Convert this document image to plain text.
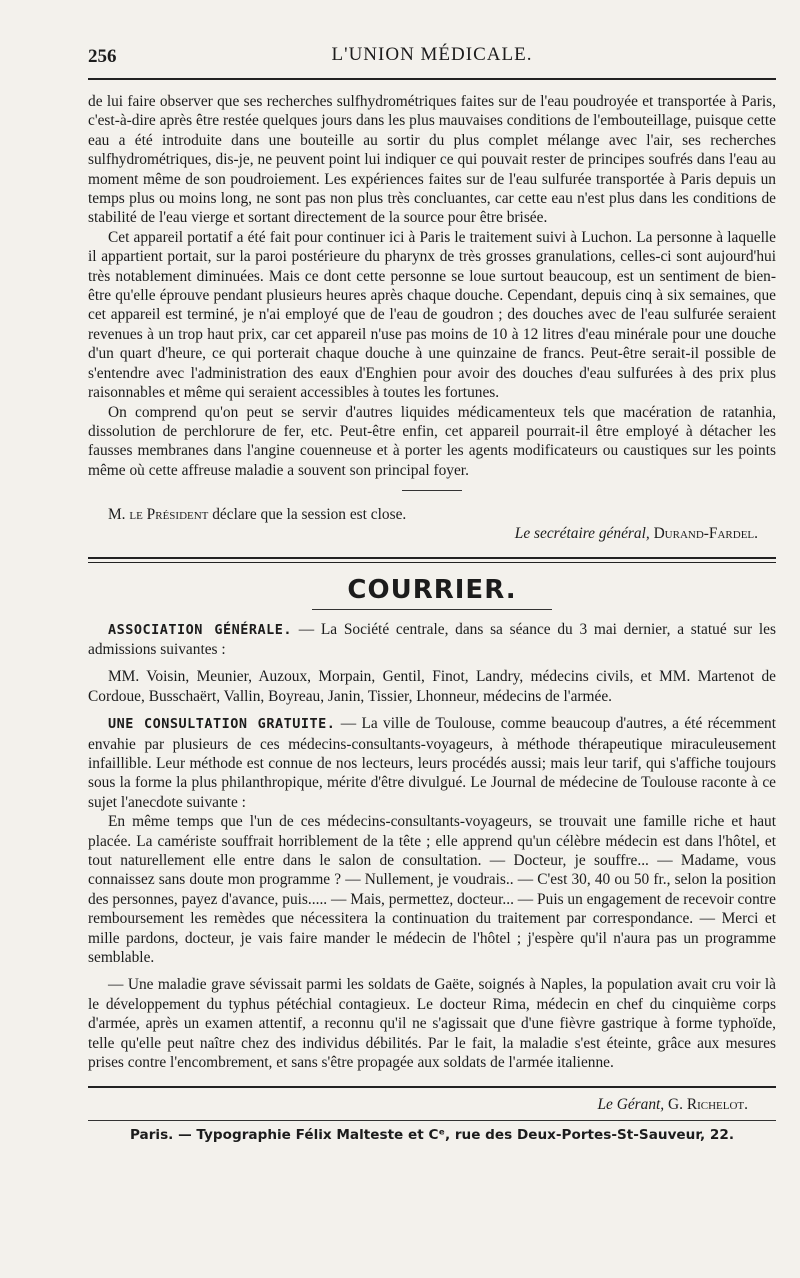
256	L'UNION MÉDICALE.

de lui faire observer que ses recherches sulfhydrométriques faites sur de l'eau poudroyée et transportée à Paris, c'est-à-dire après être restée quelques jours dans les plus mauvaises conditions de l'embouteillage, puisque cette eau a été introduite dans une bouteille au sortir du plus complet mélange avec l'air, ses recherches sulfhydrométriques, dis-je, ne peuvent point lui indiquer ce qui pouvait rester de principes soufrés dans l'eau au moment même de son poudroiement. Les expériences faites sur de l'eau sulfurée transportée à Paris depuis un temps plus ou moins long, ne sont pas non plus très concluantes, car cette eau n'est plus dans les conditions de stabilité de l'eau vierge et sortant directement de la source pour être brisée.

Cet appareil portatif a été fait pour continuer ici à Paris le traitement suivi à Luchon. La personne à laquelle il appartient portait, sur la paroi postérieure du pharynx de très grosses granulations, celles-ci sont aujourd'hui très notablement diminuées. Mais ce dont cette personne se loue surtout beaucoup, est un sentiment de bien-être qu'elle éprouve pendant plusieurs heures après chaque douche. Cependant, depuis cinq à six semaines, que cet appareil est terminé, je n'ai employé que de l'eau de goudron ; des douches avec de l'eau sulfurée seraient revenues à un trop haut prix, car cet appareil n'use pas moins de 10 à 12 litres d'eau minérale pour une douche d'un quart d'heure, ce qui porterait chaque douche à une quinzaine de francs. Peut-être serait-il possible de s'entendre avec l'administration des eaux d'Enghien pour avoir des douches d'eau sulfurées à des prix plus raisonnables et même qui seraient accessibles à toutes les fortunes.

On comprend qu'on peut se servir d'autres liquides médicamenteux tels que macération de ratanhia, dissolution de perchlorure de fer, etc. Peut-être enfin, cet appareil pourrait-il être employé à détacher les fausses membranes dans l'angine couenneuse et à porter les agents modificateurs ou caustiques sur les points même où cette affreuse maladie a souvent son principal foyer.

M. le Président déclare que la session est close.

Le secrétaire général, Durand-Fardel.
COURRIER.

ASSOCIATION GÉNÉRALE. — La Société centrale, dans sa séance du 3 mai dernier, a statué sur les admissions suivantes :

MM. Voisin, Meunier, Auzoux, Morpain, Gentil, Finot, Landry, médecins civils, et MM. Martenot de Cordoue, Busschaërt, Vallin, Boyreau, Janin, Tissier, Lhonneur, médecins de l'armée.

UNE CONSULTATION GRATUITE. — La ville de Toulouse, comme beaucoup d'autres, a été récemment envahie par plusieurs de ces médecins-consultants-voyageurs, à méthode thérapeutique miraculeusement infaillible. Leur méthode est connue de nos lecteurs, leurs procédés aussi; mais leur tarif, qui s'affiche toujours sous la forme la plus philanthropique, mérite d'être divulgué. Le Journal de médecine de Toulouse raconte à ce sujet l'anecdote suivante :

En même temps que l'un de ces médecins-consultants-voyageurs, se trouvait une famille riche et haut placée. La camériste souffrait horriblement de la tête ; elle apprend qu'un célèbre médecin est dans l'hôtel, et tout naturellement elle entre dans le salon de consultation. — Docteur, je souffre... — Madame, vous connaissez sans doute mon programme ? — Nullement, je voudrais.. — C'est 30, 40 ou 50 fr., selon la position des personnes, payez d'avance, puis..... — Mais, permettez, docteur... — Puis un engagement de recevoir contre remboursement les remèdes que nécessitera la continuation du traitement par correspondance. — Merci et mille pardons, docteur, je vais faire mander le médecin de l'hôtel ; j'espère qu'il n'aura pas un programme semblable.

— Une maladie grave sévissait parmi les soldats de Gaëte, soignés à Naples, la population avait cru voir là le développement du typhus pétéchial contagieux. Le docteur Rima, médecin en chef du cinquième corps d'armée, après un examen attentif, a reconnu qu'il ne s'agissait que d'une fièvre gastrique à forme typhoïde, telle qu'elle peut naître chez des individus débilités. Par le fait, la maladie s'est éteinte, grâce aux mesures prises contre l'encombrement, et sans s'être propagée aux soldats de l'armée italienne.

Le Gérant, G. Richelot.
Paris. — Typographie Félix Malteste et Cᵉ, rue des Deux-Portes-St-Sauveur, 22.
